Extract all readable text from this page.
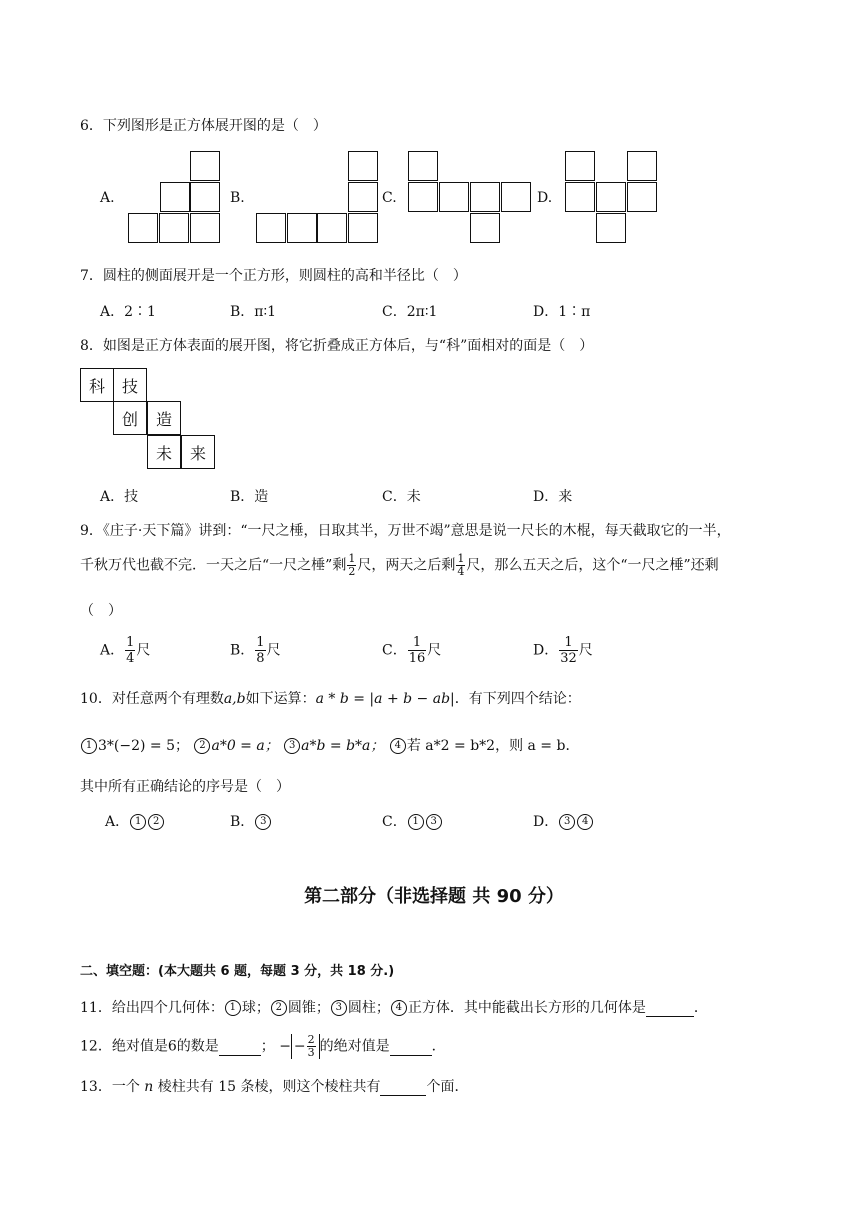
6．下列图形是正方体展开图的是（　）
A.	B.	C.	D.
7．圆柱的侧面展开是一个正方形，则圆柱的高和半径比（　）
A．2∶1	B．π∶1	C．2π∶1	D．1∶π
8．如图是正方体表面的展开图，将它折叠成正方体后，与“科”面相对的面是（　）
科	技
创	造
未	来
A．技	B．造	C．未	D．来
9．《庄子·天下篇》讲到：“一尺之棰，日取其半，万世不竭”意思是说一尺长的木棍，每天截取它的一半，
千秋万代也截不完．一天之后“一尺之棰”剩 $\frac{1}{2}$ 尺，两天之后剩 $\frac{1}{4}$ 尺，那么五天之后，这个“一尺之棰”还剩
（　）
A． $\frac{1}{4}$ 尺	B． $\frac{1}{8}$ 尺	C． $\frac{1}{16}$ 尺	D． $\frac{1}{32}$ 尺
10．对任意两个有理数a,b如下运算：a * b = |a + b − ab|．有下列四个结论：
1 3*(−2) = 5； 2 a*0 = a； 3 a*b = b*a； 4 若 a*2 = b*2，则 a = b．
其中所有正确结论的序号是（　）
A． 1 2	B． 3	C． 1 3	D． 3 4
第二部分（非选择题 共 90 分）
二、填空题：(本大题共 6 题，每题 3 分，共 18 分.)
11．给出四个几何体： 1 球； 2 圆锥； 3 圆柱； 4 正方体．其中能截出长方形的几何体是	．
12．绝对值是6的数是	； − − $\frac{2}{3}$ 的绝对值是	．
13．一个 n 棱柱共有 15 条棱，则这个棱柱共有	个面．
